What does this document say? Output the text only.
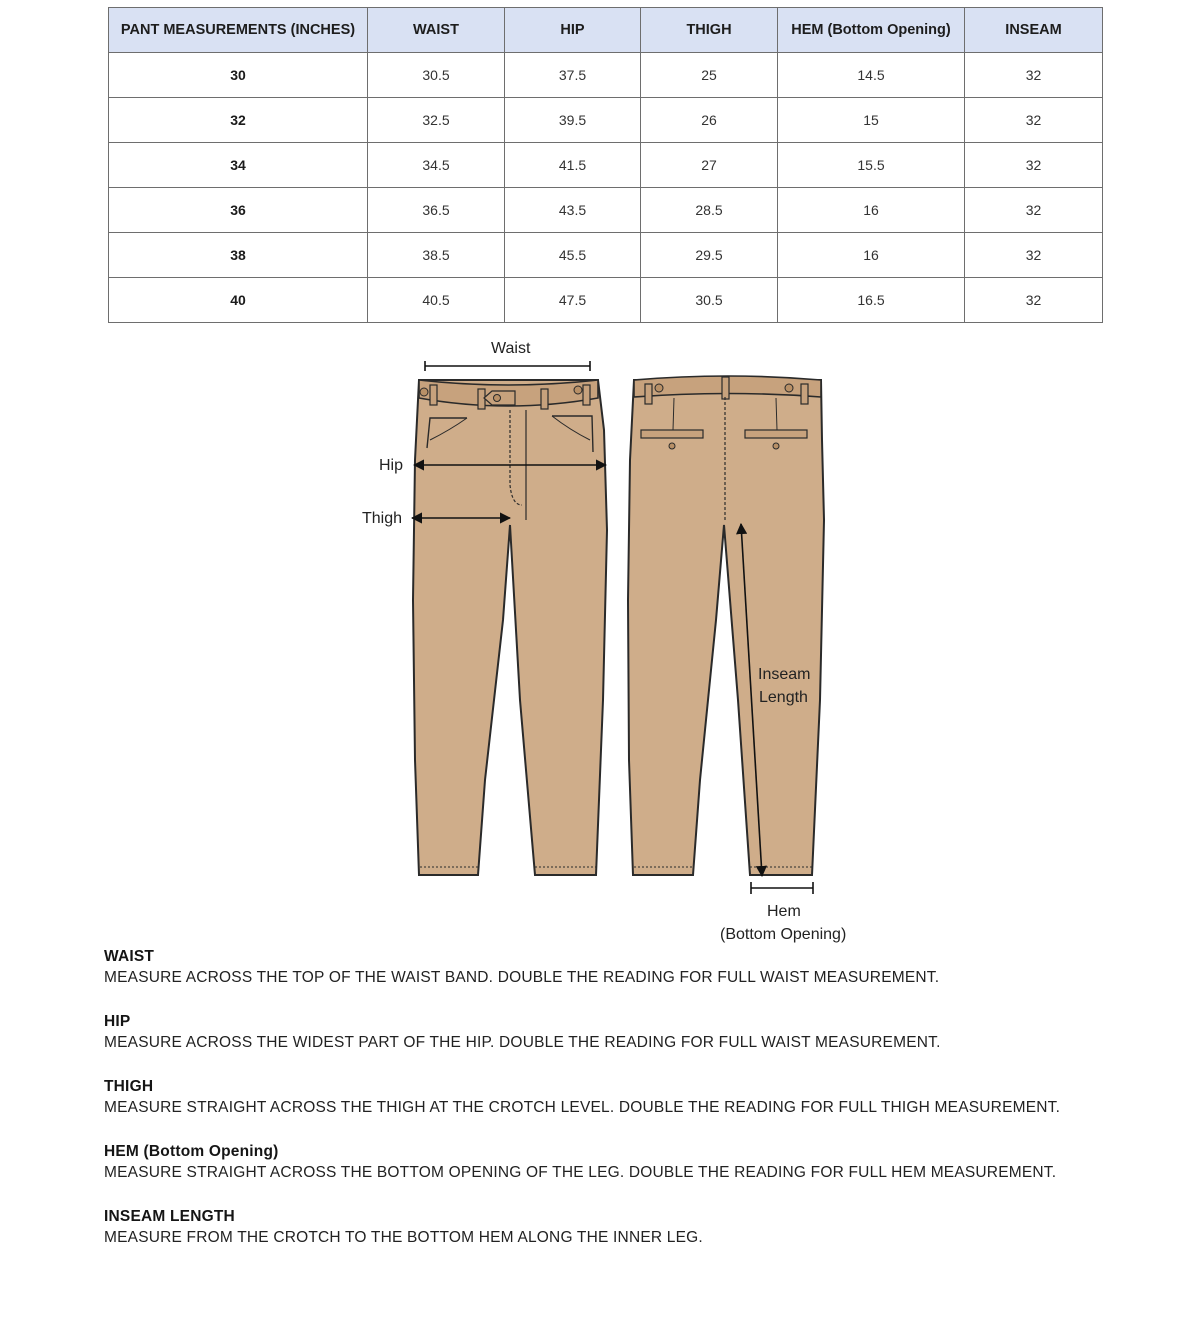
PANT MEASUREMENTS (INCHES)	WAIST	HIP	THIGH	HEM (Bottom Opening)	INSEAM
30	30.5	37.5	25	14.5	32
32	32.5	39.5	26	15	32
34	34.5	41.5	27	15.5	32
36	36.5	43.5	28.5	16	32
38	38.5	45.5	29.5	16	32
40	40.5	47.5	30.5	16.5	32
Waist
Hip
Thigh
Inseam
Length
Hem
(Bottom Opening)
WAIST
MEASURE ACROSS THE TOP OF THE WAIST BAND. DOUBLE THE READING FOR FULL WAIST MEASUREMENT.
HIP
MEASURE ACROSS THE WIDEST PART OF THE HIP. DOUBLE THE READING FOR FULL WAIST MEASUREMENT.
THIGH
MEASURE STRAIGHT ACROSS THE THIGH AT THE CROTCH LEVEL. DOUBLE THE READING FOR FULL THIGH MEASUREMENT.
HEM (Bottom Opening)
MEASURE STRAIGHT ACROSS THE BOTTOM OPENING OF THE LEG. DOUBLE THE READING FOR FULL HEM MEASUREMENT.
INSEAM LENGTH
MEASURE FROM THE CROTCH TO THE BOTTOM HEM ALONG THE INNER LEG.
